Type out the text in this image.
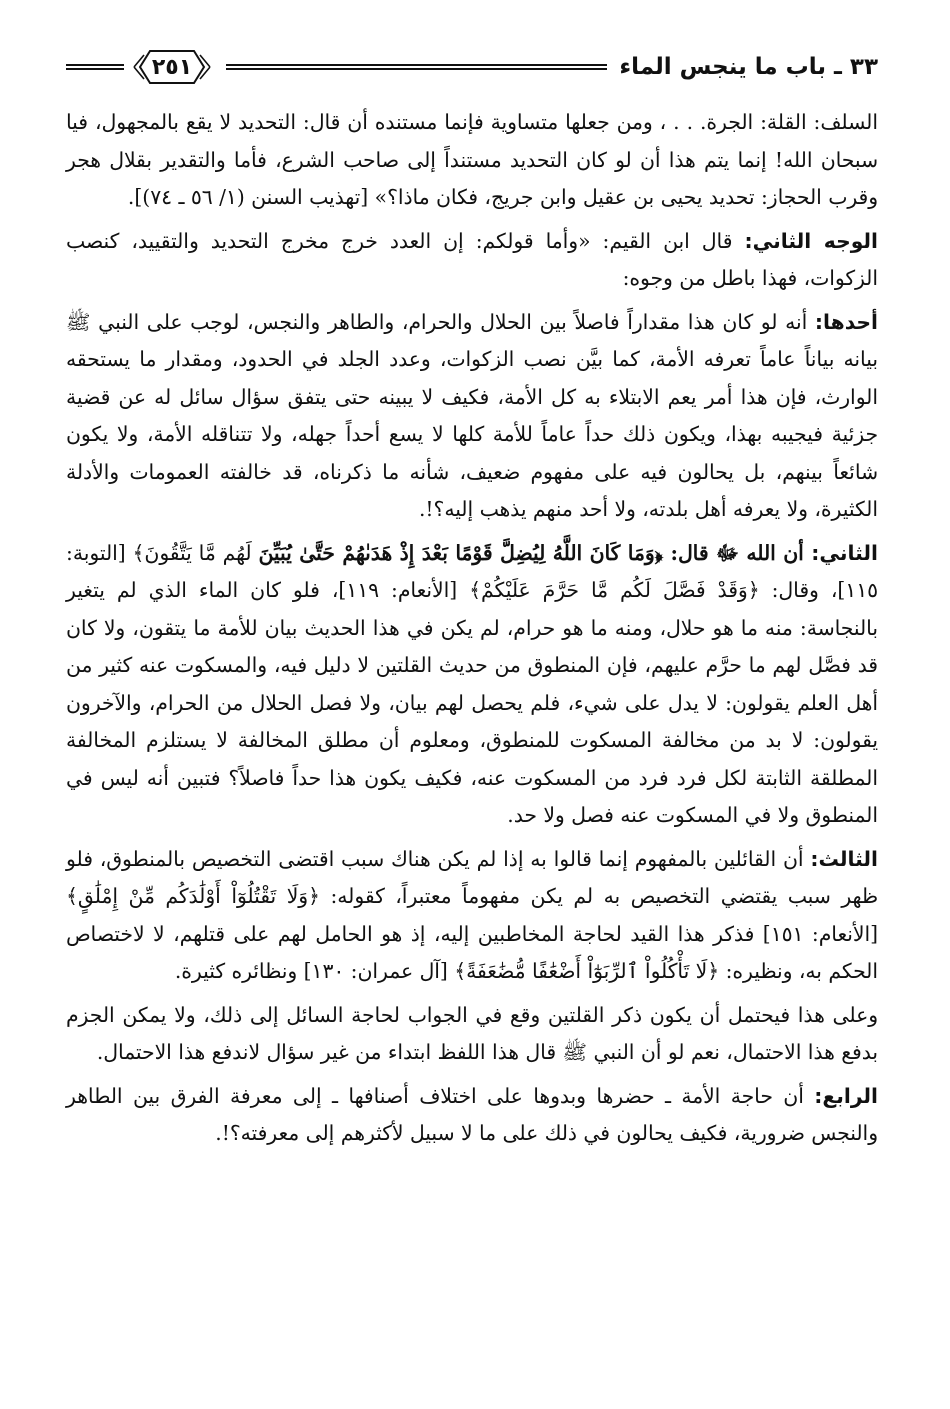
٣٣ ـ باب ما ينجس الماء
٢٥١

السلف: القلة: الجرة. . . ، ومن جعلها متساوية فإنما مستنده أن قال: التحديد لا يقع بالمجهول، فيا سبحان الله! إنما يتم هذا أن لو كان التحديد مستنداً إلى صاحب الشرع، فأما والتقدير بقلال هجر وقرب الحجاز: تحديد يحيى بن عقيل وابن جريج، فكان ماذا؟» [تهذيب السنن (١/ ٥٦ ـ ٧٤)].

الوجه الثاني: قال ابن القيم: «وأما قولكم: إن العدد خرج مخرج التحديد والتقييد، كنصب الزكوات، فهذا باطل من وجوه:

أحدها: أنه لو كان هذا مقداراً فاصلاً بين الحلال والحرام، والطاهر والنجس، لوجب على النبي ﷺ بيانه بياناً عاماً تعرفه الأمة، كما بيَّن نصب الزكوات، وعدد الجلد في الحدود، ومقدار ما يستحقه الوارث، فإن هذا أمر يعم الابتلاء به كل الأمة، فكيف لا يبينه حتى يتفق سؤال سائل له عن قضية جزئية فيجيبه بهذا، ويكون ذلك حداً عاماً للأمة كلها لا يسع أحداً جهله، ولا تتناقله الأمة، ولا يكون شائعاً بينهم، بل يحالون فيه على مفهوم ضعيف، شأنه ما ذكرناه، قد خالفته العمومات والأدلة الكثيرة، ولا يعرفه أهل بلدته، ولا أحد منهم يذهب إليه؟!.

الثاني: أن الله ﷻ قال: ﴿وَمَا كَانَ اللَّهُ لِيُضِلَّ قَوْمًا بَعْدَ إِذْ هَدَىٰهُمْ حَتَّىٰ يُبَيِّنَ لَهُم مَّا يَتَّقُونَ﴾ [التوبة: ١١٥]، وقال: ﴿وَقَدْ فَصَّلَ لَكُم مَّا حَرَّمَ عَلَيْكُمْ﴾ [الأنعام: ١١٩]، فلو كان الماء الذي لم يتغير بالنجاسة: منه ما هو حلال، ومنه ما هو حرام، لم يكن في هذا الحديث بيان للأمة ما يتقون، ولا كان قد فصَّل لهم ما حرَّم عليهم، فإن المنطوق من حديث القلتين لا دليل فيه، والمسكوت عنه كثير من أهل العلم يقولون: لا يدل على شيء، فلم يحصل لهم بيان، ولا فصل الحلال من الحرام، والآخرون يقولون: لا بد من مخالفة المسكوت للمنطوق، ومعلوم أن مطلق المخالفة لا يستلزم المخالفة المطلقة الثابتة لكل فرد فرد من المسكوت عنه، فكيف يكون هذا حداً فاصلاً؟ فتبين أنه ليس في المنطوق ولا في المسكوت عنه فصل ولا حد.

الثالث: أن القائلين بالمفهوم إنما قالوا به إذا لم يكن هناك سبب اقتضى التخصيص بالمنطوق، فلو ظهر سبب يقتضي التخصيص به لم يكن مفهوماً معتبراً، كقوله: ﴿وَلَا تَقْتُلُوٓاْ أَوْلَٰدَكُم مِّنْ إِمْلَٰقٍ﴾ [الأنعام: ١٥١] فذكر هذا القيد لحاجة المخاطبين إليه، إذ هو الحامل لهم على قتلهم، لا لاختصاص الحكم به، ونظيره: ﴿لَا تَأْكُلُواْ ٱلرِّبَوٰٓاْ أَضْعَٰفًا مُّضَٰعَفَةً﴾ [آل عمران: ١٣٠] ونظائره كثيرة.

وعلى هذا فيحتمل أن يكون ذكر القلتين وقع في الجواب لحاجة السائل إلى ذلك، ولا يمكن الجزم بدفع هذا الاحتمال، نعم لو أن النبي ﷺ قال هذا اللفظ ابتداء من غير سؤال لاندفع هذا الاحتمال.

الرابع: أن حاجة الأمة ـ حضرها وبدوها على اختلاف أصنافها ـ إلى معرفة الفرق بين الطاهر والنجس ضرورية، فكيف يحالون في ذلك على ما لا سبيل لأكثرهم إلى معرفته؟!.
